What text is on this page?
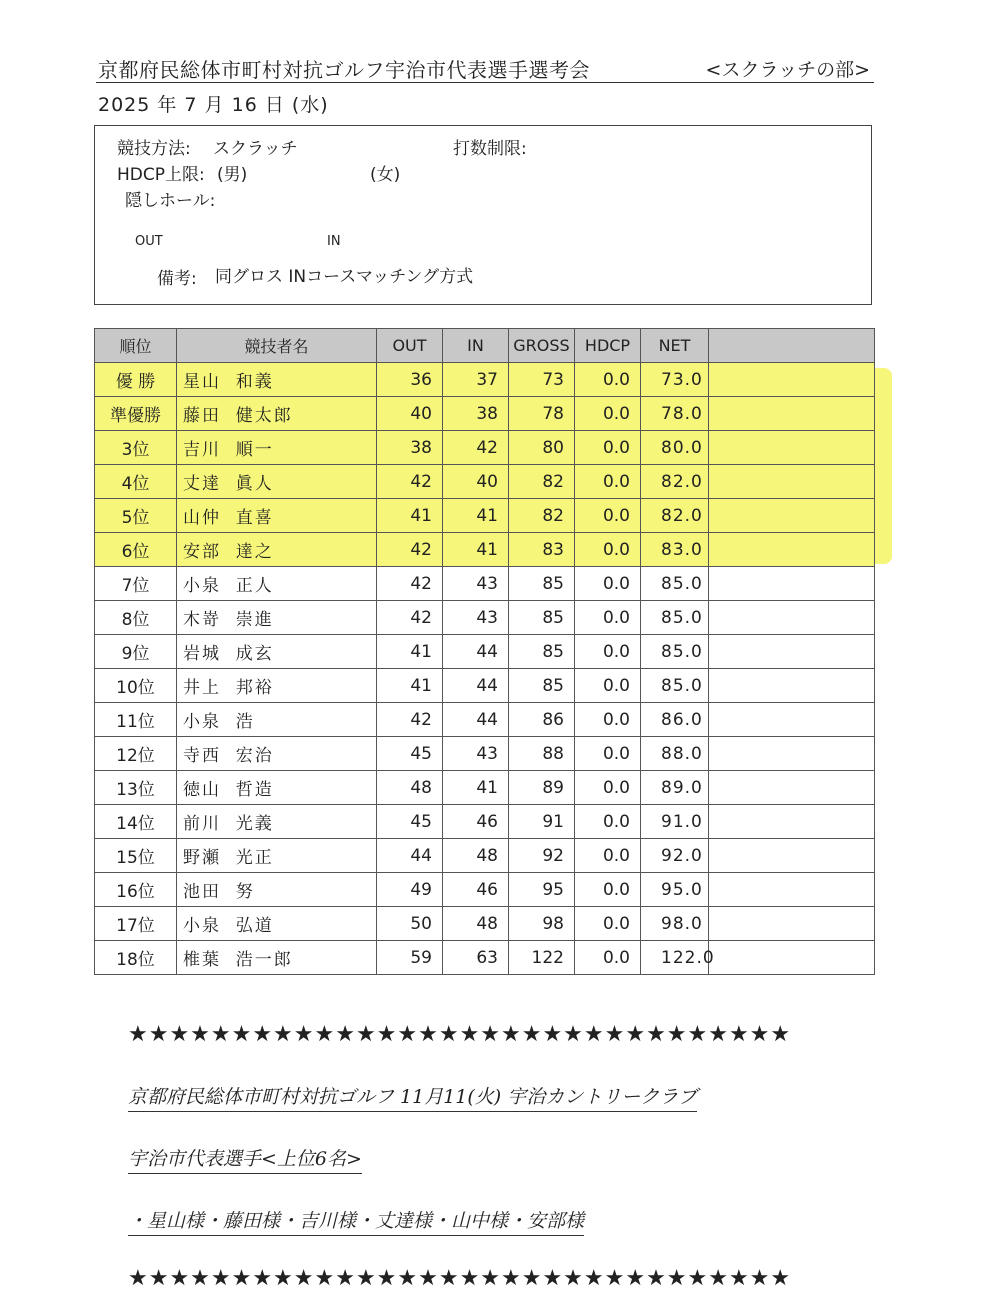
京都府民総体市町村対抗ゴルフ宇治市代表選手選考会	<スクラッチの部>
2025 年 7 月 16 日 (水)
競技方法: スクラッチ	打数制限:
HDCP上限: (男)	(女)
隠しホール:
OUT	IN
備考: 同グロス INコースマッチング方式
順位	競技者名	OUT	IN	GROSS	HDCP	NET	
優 勝	星山  和義	36	37	73	0.0	73.0	
準優勝	藤田  健太郎	40	38	78	0.0	78.0	
3位	吉川  順一	38	42	80	0.0	80.0	
4位	丈達  眞人	42	40	82	0.0	82.0	
5位	山仲  直喜	41	41	82	0.0	82.0	
6位	安部  達之	42	41	83	0.0	83.0	
7位	小泉  正人	42	43	85	0.0	85.0	
8位	木嵜  崇進	42	43	85	0.0	85.0	
9位	岩城  成玄	41	44	85	0.0	85.0	
10位	井上  邦裕	41	44	85	0.0	85.0	
11位	小泉  浩	42	44	86	0.0	86.0	
12位	寺西  宏治	45	43	88	0.0	88.0	
13位	徳山  哲造	48	41	89	0.0	89.0	
14位	前川  光義	45	46	91	0.0	91.0	
15位	野瀬  光正	44	48	92	0.0	92.0	
16位	池田  努	49	46	95	0.0	95.0	
17位	小泉  弘道	50	48	98	0.0	98.0	
18位	椎葉  浩一郎	59	63	122	0.0	122.0	
★★★★★★★★★★★★★★★★★★★★★★★★★★★★★★★★
京都府民総体市町村対抗ゴルフ 11月11(火) 宇治カントリークラブ
宇治市代表選手<上位6名>
・星山様・藤田様・吉川様・丈達様・山中様・安部様
★★★★★★★★★★★★★★★★★★★★★★★★★★★★★★★★
